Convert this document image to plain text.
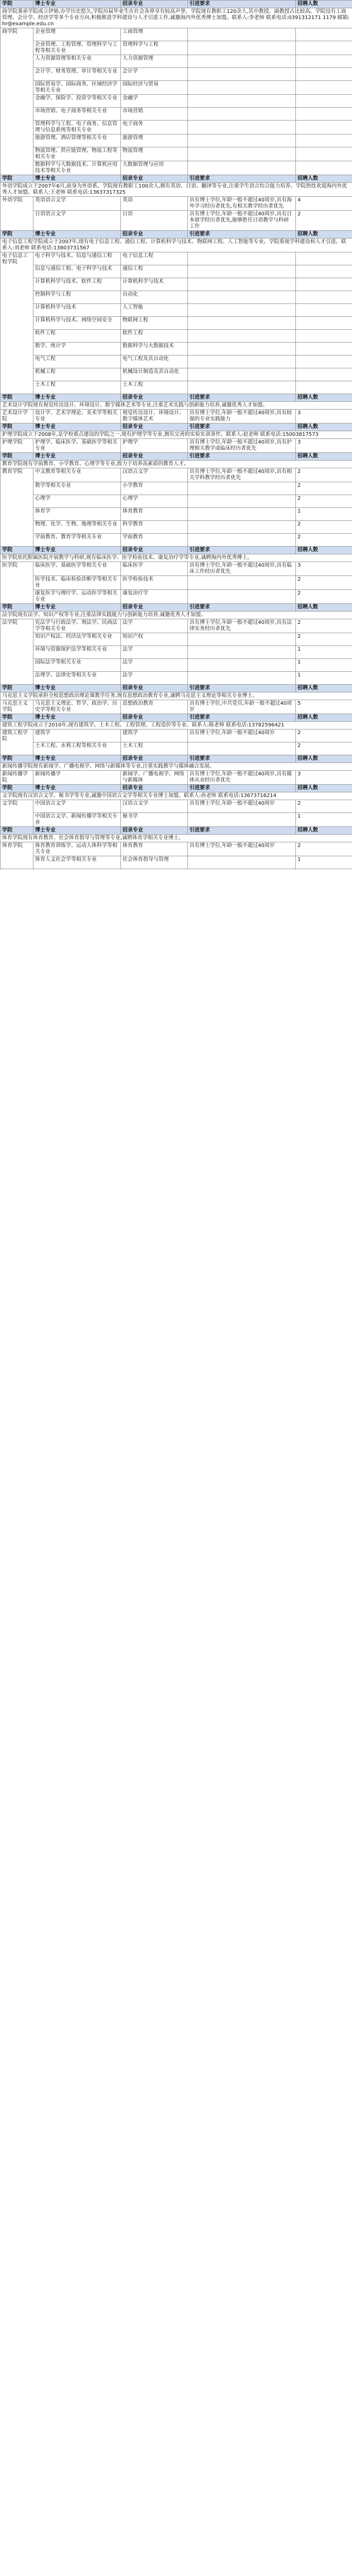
学院	博士专业	招录专业	引进要求	招聘人数
商学院秉承学院成立伊始,办学历史悠久,学院历届毕业生在社会各界享有较高声誉。学院现有教职工120余人,其中教授、副教授占比较高。学院设有工商管理、会计学、经济学等多个专业方向,积极推进学科建设与人才引进工作,诚邀海内外优秀博士加盟。联系人:李老师 联系电话:0391312171 1179 邮箱:hr@example.edu.cn				
商学院	企业管理	工商管理		
	企业管理、工程管理、管理科学与工程等相关专业	管理科学与工程		
	人力资源管理等相关专业	人力资源管理		
	会计学、财务管理、审计等相关专业	会计学		
	国际贸易学、国际商务、区域经济学等相关专业	国际经济与贸易		
	金融学、保险学、投资学等相关专业	金融学		
	市场营销、电子商务等相关专业	市场营销		
	管理科学与工程、电子商务、信息管理与信息系统等相关专业	电子商务		
	旅游管理、酒店管理等相关专业	旅游管理		
	物流管理、供应链管理、物流工程等相关专业	物流管理		
	数据科学与大数据技术、计算机应用技术等相关专业	大数据管理与应用		
学院	博士专业	招录专业	引进要求	招聘人数
外语学院成立于2007年6月,前身为外语系。学院现有教职工100余人,拥有英语、日语、翻译等专业,注重学生语言综合能力培养。学院热忱欢迎海内外优秀人才加盟。联系人:王老师 联系电话:13637317325				
外语学院	英语语言文学	英语	具有博士学位,年龄一般不超过40周岁,具有海外学习经历者优先,有相关教学经历者优先	4
	日语语言文学	日语	具有博士学位,年龄一般不超过40周岁,具有日本留学经历者优先,能够胜任日语教学与科研工作	2
学院	博士专业	招录专业	引进要求	招聘人数
电子信息工程学院成立于2007年,现有电子信息工程、通信工程、计算机科学与技术、物联网工程、人工智能等专业。学院重视学科建设和人才引进。联系人:刘老师 联系电话:13803731567				
电子信息工程学院	电子科学与技术、信息与通信工程	电子信息工程		
	信息与通信工程、电子科学与技术	通信工程		
	计算机科学与技术、软件工程	计算机科学与技术		
	控制科学与工程	自动化		
	计算机科学与技术	人工智能		
	计算机科学与技术、网络空间安全	物联网工程		
	软件工程	软件工程		
	数学、统计学	数据科学与大数据技术		
	电气工程	电气工程及其自动化		
	机械工程	机械设计制造及其自动化		
	土木工程	土木工程		
学院	博士专业	招录专业	引进要求	招聘人数
艺术设计学院现有视觉传达设计、环境设计、数字媒体艺术等专业,注重艺术实践与创新能力培养,诚邀优秀人才加盟。				
艺术设计学院	设计学、艺术学理论、美术学等相关专业	视觉传达设计、环境设计、数字媒体艺术	具有博士学位,年龄一般不超过40周岁,具有较强的专业实践能力	3
学院	博士专业	招录专业	引进要求	招聘人数
护理学院成立于2008年,是学校重点建设的学院之一,现有护理学等专业,拥有完善的实验实训条件。联系人:赵老师 联系电话:15003817573				
护理学院	护理学、临床医学、基础医学等相关专业	护理学	具有博士学位,年龄一般不超过40周岁,具有护理相关教学或临床经历者优先	3
学院	博士专业	招录专业	引进要求	招聘人数
教育学院现有学前教育、小学教育、心理学等专业,致力于培养高素质的教育人才。				
教育学院	中文教育等相关专业	汉语言文学	具有博士学位,年龄一般不超过40周岁,具有相关学科教学经历者优先	2
	数学等相关专业	小学教育		2
	心理学	心理学		2
	体育学	体育教育		1
	物理、化学、生物、地理等相关专业	科学教育		2
	学前教育、教育学等相关专业	学前教育		2
学院	博士专业	招录专业	引进要求	招聘人数
医学院依托附属医院开展教学与科研,现有临床医学、医学检验技术、康复治疗学等专业,诚聘海内外优秀博士。				
医学院	临床医学、基础医学等相关专业	临床医学	具有博士学位,年龄一般不超过40周岁,具有临床工作经历者优先	3
	医学技术、临床检验诊断学等相关专业	医学检验技术		2
	康复医学与理疗学、运动医学等相关专业	康复治疗学		2
学院	博士专业	招录专业	引进要求	招聘人数
法学院现有法学、知识产权等专业,注重法律实践能力与创新能力培养,诚邀优秀人才加盟。				
法学院	宪法学与行政法学、刑法学、民商法学等相关专业	法学	具有博士学位,年龄一般不超过40周岁,具有法律实务经历者优先	2
	知识产权法、经济法学等相关专业	知识产权		2
	环境与资源保护法学等相关专业	法学		1
	国际法学等相关专业	法学		1
	法理学、法律史等相关专业	法学		1
学院	博士专业	招录专业	引进要求	招聘人数
马克思主义学院承担全校思想政治理论课教学任务,现有思想政治教育专业,诚聘马克思主义理论等相关专业博士。				
马克思主义学院	马克思主义理论、哲学、政治学、历史学等相关专业	思想政治教育	具有博士学位,中共党员,年龄一般不超过40周岁	5
学院	博士专业	招录专业	引进要求	招聘人数
建筑工程学院成立于2010年,现有建筑学、土木工程、工程管理、工程造价等专业。联系人:陈老师 联系电话:13782596421				
建筑工程学院	建筑学	建筑学	具有博士学位,年龄一般不超过40周岁	2
	土木工程、水利工程等相关专业	土木工程		2
学院	博士专业	招录专业	引进要求	招聘人数
新闻传播学院现有新闻学、广播电视学、网络与新媒体等专业,注重实践教学与媒体融合发展。				
新闻传播学院	新闻传播学	新闻学、广播电视学、网络与新媒体	具有博士学位,年龄一般不超过40周岁,具有媒体从业经历者优先	3
学院	博士专业	招录专业	引进要求	招聘人数
文学院现有汉语言文学、秘书学等专业,诚邀中国语言文学等相关专业博士加盟。联系人:孙老师 联系电话:13673716214				
文学院	中国语言文学	汉语言文学	具有博士学位,年龄一般不超过40周岁	2
	中国语言文学、新闻传播学等相关专业	秘书学		1
学院	博士专业	招录专业	引进要求	招聘人数
体育学院现有体育教育、社会体育指导与管理等专业,诚聘体育学相关专业博士。				
体育学院	体育教育训练学、运动人体科学等相关专业	体育教育	具有博士学位,年龄一般不超过40周岁	2
	体育人文社会学等相关专业	社会体育指导与管理		1
